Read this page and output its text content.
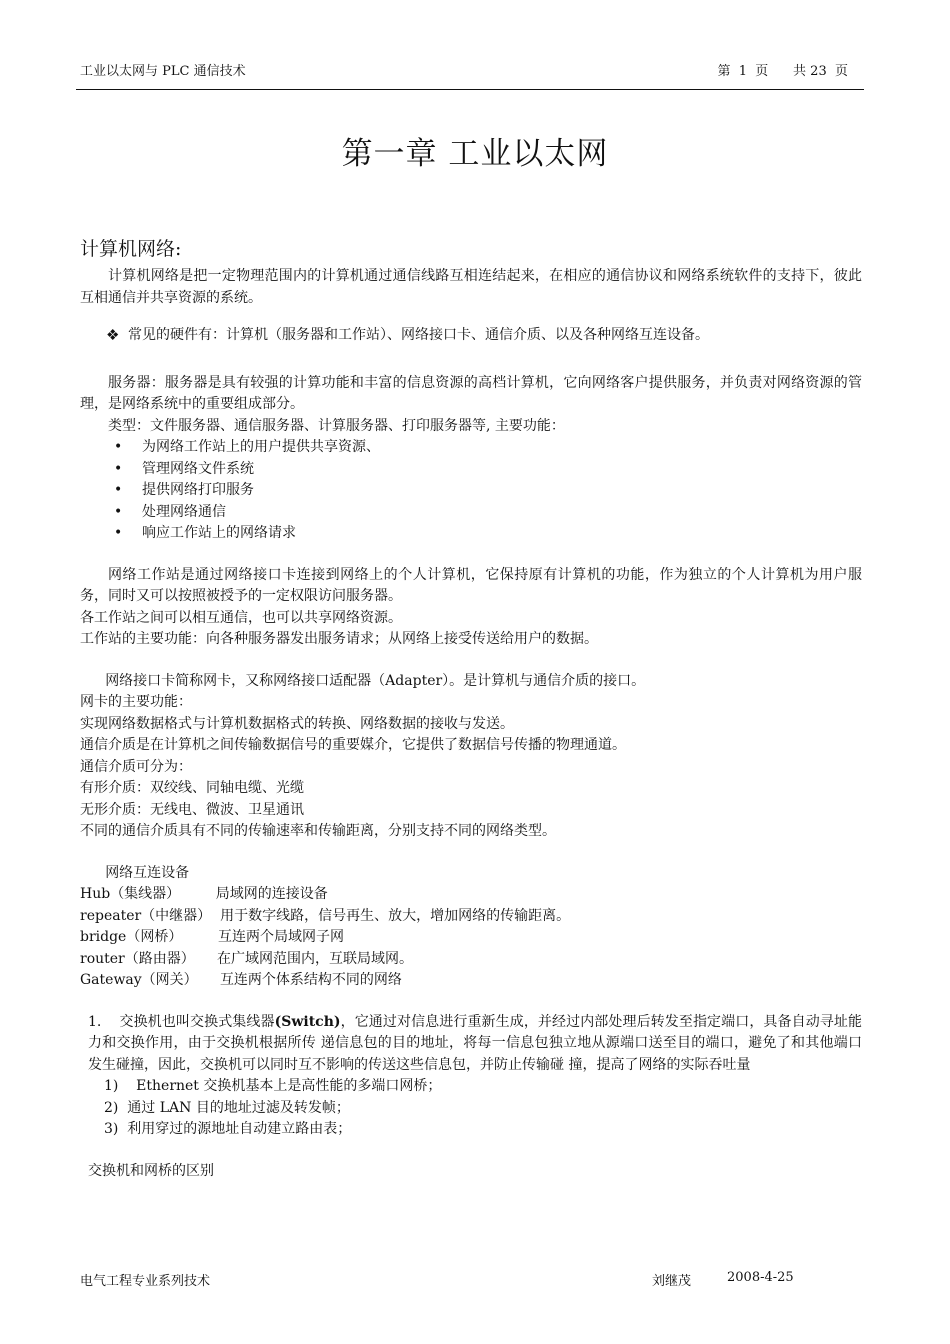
工业以太网与 PLC 通信技术	第  1  页      共 23  页
第一章 工业以太网
计算机网络:

计算机网络是把一定物理范围内的计算机通过通信线路互相连结起来，在相应的通信协议和网络系统软件的支持下，彼此互相通信并共享资源的系统。

❖ 常见的硬件有：计算机（服务器和工作站）、网络接口卡、通信介质、以及各种网络互连设备。

服务器：服务器是具有较强的计算功能和丰富的信息资源的高档计算机，它向网络客户提供服务，并负责对网络资源的管理，是网络系统中的重要组成部分。

类型：文件服务器、通信服务器、计算服务器、打印服务器等, 主要功能：

•	为网络工作站上的用户提供共享资源、
•	管理网络文件系统
•	提供网络打印服务
•	处理网络通信
•	响应工作站上的网络请求

网络工作站是通过网络接口卡连接到网络上的个人计算机，它保持原有计算机的功能，作为独立的个人计算机为用户服务，同时又可以按照被授予的一定权限访问服务器。

各工作站之间可以相互通信，也可以共享网络资源。

工作站的主要功能：向各种服务器发出服务请求；从网络上接受传送给用户的数据。

网络接口卡简称网卡，又称网络接口适配器（Adapter）。是计算机与通信介质的接口。

网卡的主要功能：

实现网络数据格式与计算机数据格式的转换、网络数据的接收与发送。

通信介质是在计算机之间传输数据信号的重要媒介，它提供了数据信号传播的物理通道。

通信介质可分为：

有形介质：双绞线、同轴电缆、光缆

无形介质：无线电、微波、卫星通讯

不同的通信介质具有不同的传输速率和传输距离，分别支持不同的网络类型。

网络互连设备

Hub（集线器） 局域网的连接设备
repeater（中继器） 用于数字线路，信号再生、放大，增加网络的传输距离。
bridge（网桥） 互连两个局域网子网
router（路由器） 在广域网范围内，互联局域网。
Gateway（网关） 互连两个体系结构不同的网络

1. 交换机也叫交换式集线器(Switch)，它通过对信息进行重新生成，并经过内部处理后转发至指定端口，具备自动寻址能力和交换作用，由于交换机根据所传 递信息包的目的地址，将每一信息包独立地从源端口送至目的端口，避免了和其他端口发生碰撞，因此，交换机可以同时互不影响的传送这些信息包，并防止传输碰 撞，提高了网络的实际吞吐量

1)    Ethernet 交换机基本上是高性能的多端口网桥；

2)  通过 LAN 目的地址过滤及转发帧；

3)  利用穿过的源地址自动建立路由表；

交换机和网桥的区别

电气工程专业系列技术	刘继茂	2008-4-25
